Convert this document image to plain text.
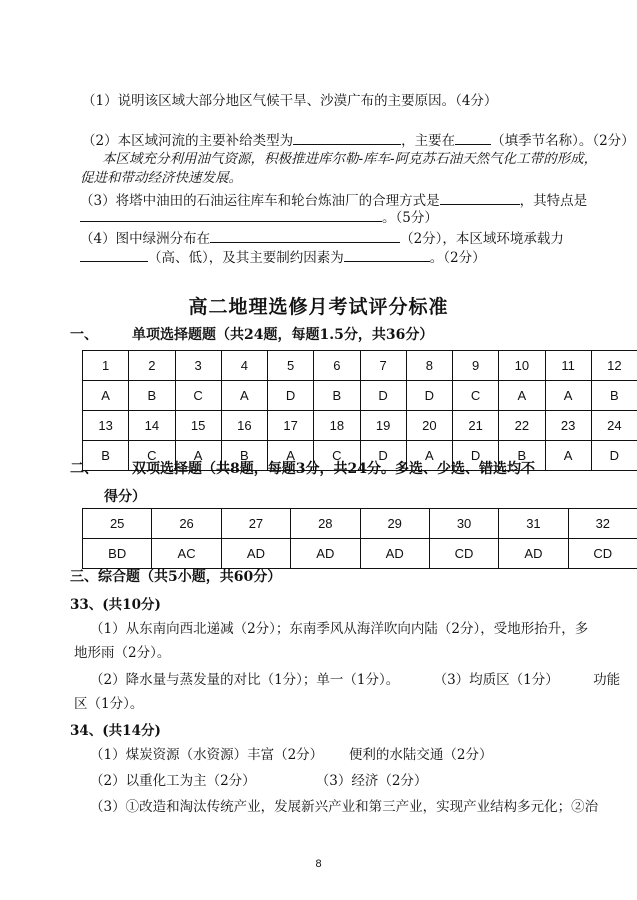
（1）说明该区域大部分地区气候干旱、沙漠广布的主要原因。（4分）
（2）本区域河流的主要补给类型为	，主要在	（填季节名称）。（2分）
本区域充分利用油气资源，积极推进库尔勒-库车-阿克苏石油天然气化工带的形成，
促进和带动经济快速发展。
（3）将塔中油田的石油运往库车和轮台炼油厂的合理方式是	，其特点是
。（5分）
（4）图中绿洲分布在	（2分），本区域环境承载力
（高、低），及其主要制约因素为	。（2分）
高二地理选修月考试评分标准
一、 单项选择题题（共24题，每题1.5分，共36分）
1	2	3	4	5	6	7	8	9	10	11	12
A	B	C	A	D	B	D	D	C	A	A	B
13	14	15	16	17	18	19	20	21	22	23	24
B	C	A	B	A	C	D	A	D	B	A	D
二、 双项选择题（共8题，每题3分，共24分。多选、少选、错选均不
得分）
25	26	27	28	29	30	31	32
BD	AC	AD	AD	AD	CD	AD	CD
三、综合题（共5小题，共60分）
33、(共10分)
（1）从东南向西北递减（2分）；东南季风从海洋吹向内陆（2分），受地形抬升，多
地形雨（2分）。
（2）降水量与蒸发量的对比（1分）；单一（1分）。        （3）均质区（1分）        功能
区（1分）。
34、(共14分)
（1）煤炭资源（水资源）丰富（2分）      便利的水陆交通（2分）
（2）以重化工为主（2分）              （3）经济（2分）
（3）①改造和淘汰传统产业，发展新兴产业和第三产业，实现产业结构多元化；②治
8
